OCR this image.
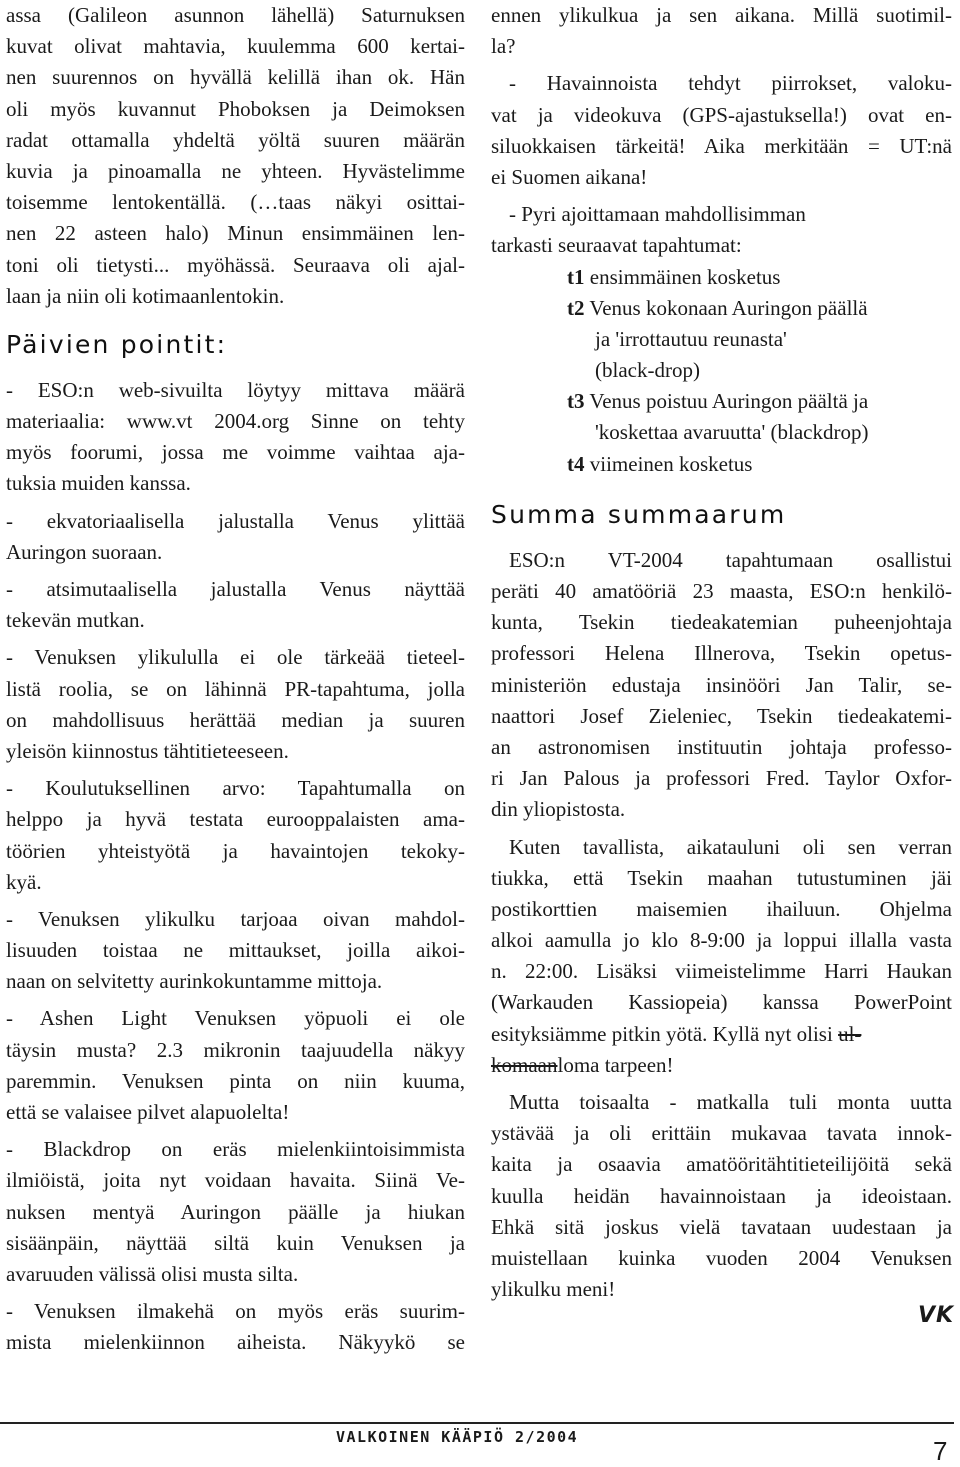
assa (Galileon asunnon lähellä) Saturnuksen
kuvat olivat mahtavia, kuulemma 600 kertai-
nen suurennos on hyvällä kelillä ihan ok. Hän
oli myös kuvannut Phoboksen ja Deimoksen
radat ottamalla yhdeltä yöltä suuren määrän
kuvia ja pinoamalla ne yhteen. Hyvästelimme
toisemme lentokentällä. (…taas näkyi osittai-
nen 22 asteen halo) Minun ensimmäinen len-
toni oli tietysti... myöhässä. Seuraava oli ajal-
laan ja niin oli kotimaanlentokin.
Päivien pointit:
- ESO:n web-sivuilta löytyy mittava määrä
materiaalia: www.vt 2004.org Sinne on tehty
myös foorumi, jossa me voimme vaihtaa aja-
tuksia muiden kanssa.
- ekvatoriaalisella jalustalla Venus ylittää
Auringon suoraan.
- atsimutaalisella jalustalla Venus näyttää
tekevän mutkan.
- Venuksen ylikululla ei ole tärkeää tieteel-
listä roolia, se on lähinnä PR-tapahtuma, jolla
on mahdollisuus herättää median ja suuren
yleisön kiinnostus tähtitieteeseen.
- Koulutuksellinen arvo: Tapahtumalla on
helppo ja hyvä testata eurooppalaisten ama-
töörien yhteistyötä ja havaintojen tekoky-
kyä.
- Venuksen ylikulku tarjoaa oivan mahdol-
lisuuden toistaa ne mittaukset, joilla aikoi-
naan on selvitetty aurinkokuntamme mittoja.
- Ashen Light Venuksen yöpuoli ei ole
täysin musta? 2.3 mikronin taajuudella näkyy
paremmin. Venuksen pinta on niin kuuma,
että se valaisee pilvet alapuolelta!
- Blackdrop on eräs mielenkiintoisimmista
ilmiöistä, joita nyt voidaan havaita. Siinä Ve-
nuksen mentyä Auringon päälle ja hiukan
sisäänpäin, näyttää siltä kuin Venuksen ja
avaruuden välissä olisi musta silta.
- Venuksen ilmakehä on myös eräs suurim-
mista mielenkiinnon aiheista. Näkyykö se
ennen ylikulkua ja sen aikana. Millä suotimil-
la?
- Havainnoista tehdyt piirrokset, valoku-
vat ja videokuva (GPS-ajastuksella!) ovat en-
siluokkaisen tärkeitä! Aika merkitään = UT:nä
ei Suomen aikana!
- Pyri ajoittamaan mahdollisimman
tarkasti seuraavat tapahtumat:
t1 ensimmäinen kosketus
t2 Venus kokonaan Auringon päällä
ja 'irrottautuu reunasta'
(black-drop)
t3 Venus poistuu Auringon päältä ja
'koskettaa avaruutta' (blackdrop)
t4 viimeinen kosketus
Summa summaarum
ESO:n VT-2004 tapahtumaan osallistui
peräti 40 amatööriä 23 maasta, ESO:n henkilö-
kunta, Tsekin tiedeakatemian puheenjohtaja
professori Helena Illnerova, Tsekin opetus-
ministeriön edustaja insinööri Jan Talir, se-
naattori Josef Zieleniec, Tsekin tiedeakatemi-
an astronomisen instituutin johtaja professo-
ri Jan Palous ja professori Fred. Taylor Oxfor-
din yliopistosta.
Kuten tavallista, aikatauluni oli sen verran
tiukka, että Tsekin maahan tutustuminen jäi
postikorttien maisemien ihailuun. Ohjelma
alkoi aamulla jo klo 8-9:00 ja loppui illalla vasta
n. 22:00. Lisäksi viimeistelimme Harri Haukan
(Warkauden Kassiopeia) kanssa PowerPoint
esityksiämme pitkin yötä. Kyllä nyt olisi ul-
komaanloma tarpeen!
Mutta toisaalta - matkalla tuli monta uutta
ystävää ja oli erittäin mukavaa tavata innok-
kaita ja osaavia amatööritähtitieteilijöitä sekä
kuulla heidän havainnoistaan ja ideoistaan.
Ehkä sitä joskus vielä tavataan uudestaan ja
muistellaan kuinka vuoden 2004 Venuksen
ylikulku meni!
VK
VALKOINEN KÄÄPIÖ 2/2004	7
